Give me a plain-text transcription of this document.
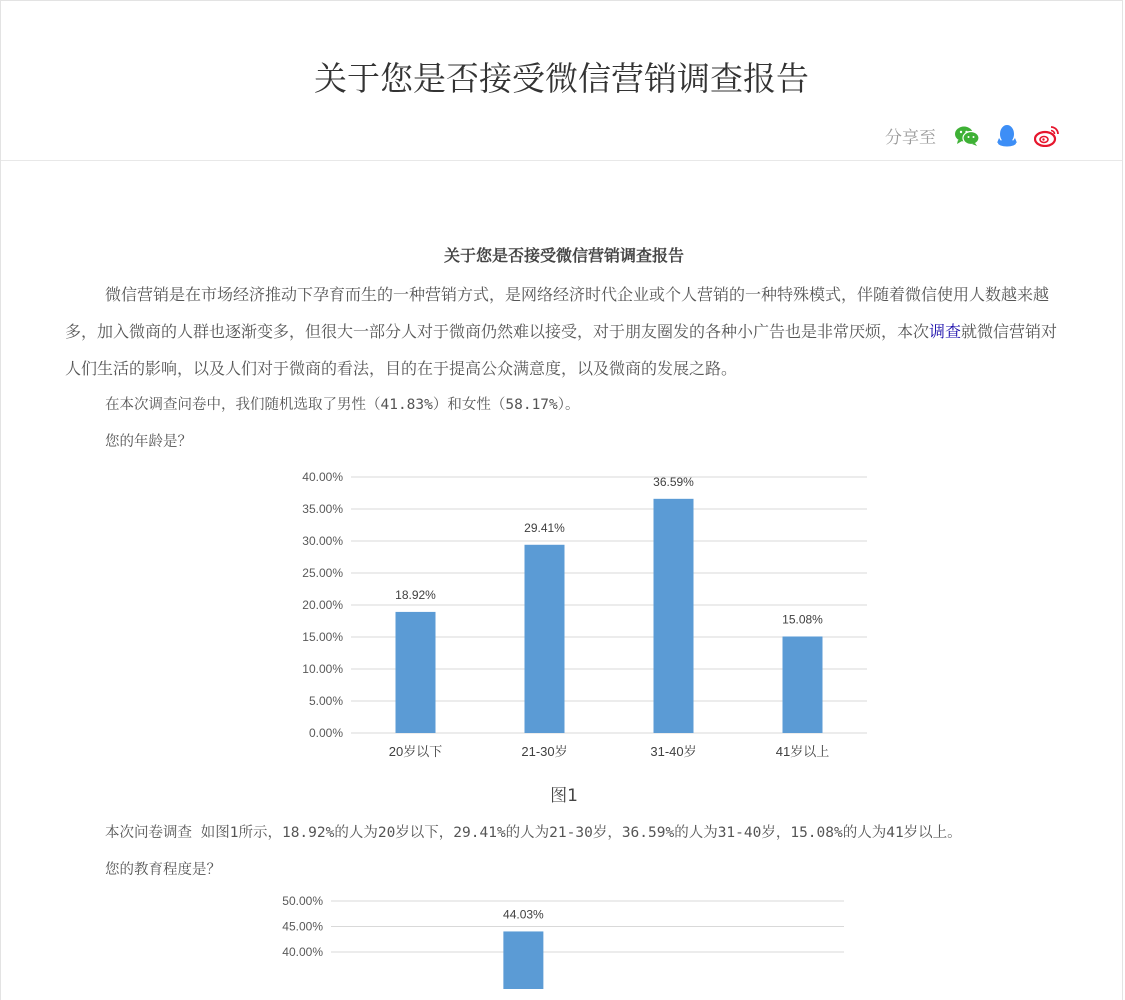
关于您是否接受微信营销调查报告
分享至

关于您是否接受微信营销调查报告

微信营销是在市场经济推动下孕育而生的一种营销方式，是网络经济时代企业或个人营销的一种特殊模式，伴随着微信使用人数越来越多，加入微商的人群也逐渐变多，但很大一部分人对于微商仍然难以接受，对于朋友圈发的各种小广告也是非常厌烦，本次调查就微信营销对人们生活的影响，以及人们对于微商的看法，目的在于提高公众满意度，以及微商的发展之路。

在本次调查问卷中，我们随机选取了男性（41.83%）和女性（58.17%）。

您的年龄是？

0.00%
5.00%
10.00%
15.00%
20.00%
25.00%
30.00%
35.00%
40.00%
18.92%
20岁以下
29.41%
21-30岁
36.59%
31-40岁
15.08%
41岁以上

图1

本次问卷调查 如图1所示，18.92%的人为20岁以下，29.41%的人为21-30岁，36.59%的人为31-40岁，15.08%的人为41岁以上。

您的教育程度是？

50.00%
45.00%
40.00%
44.03%
